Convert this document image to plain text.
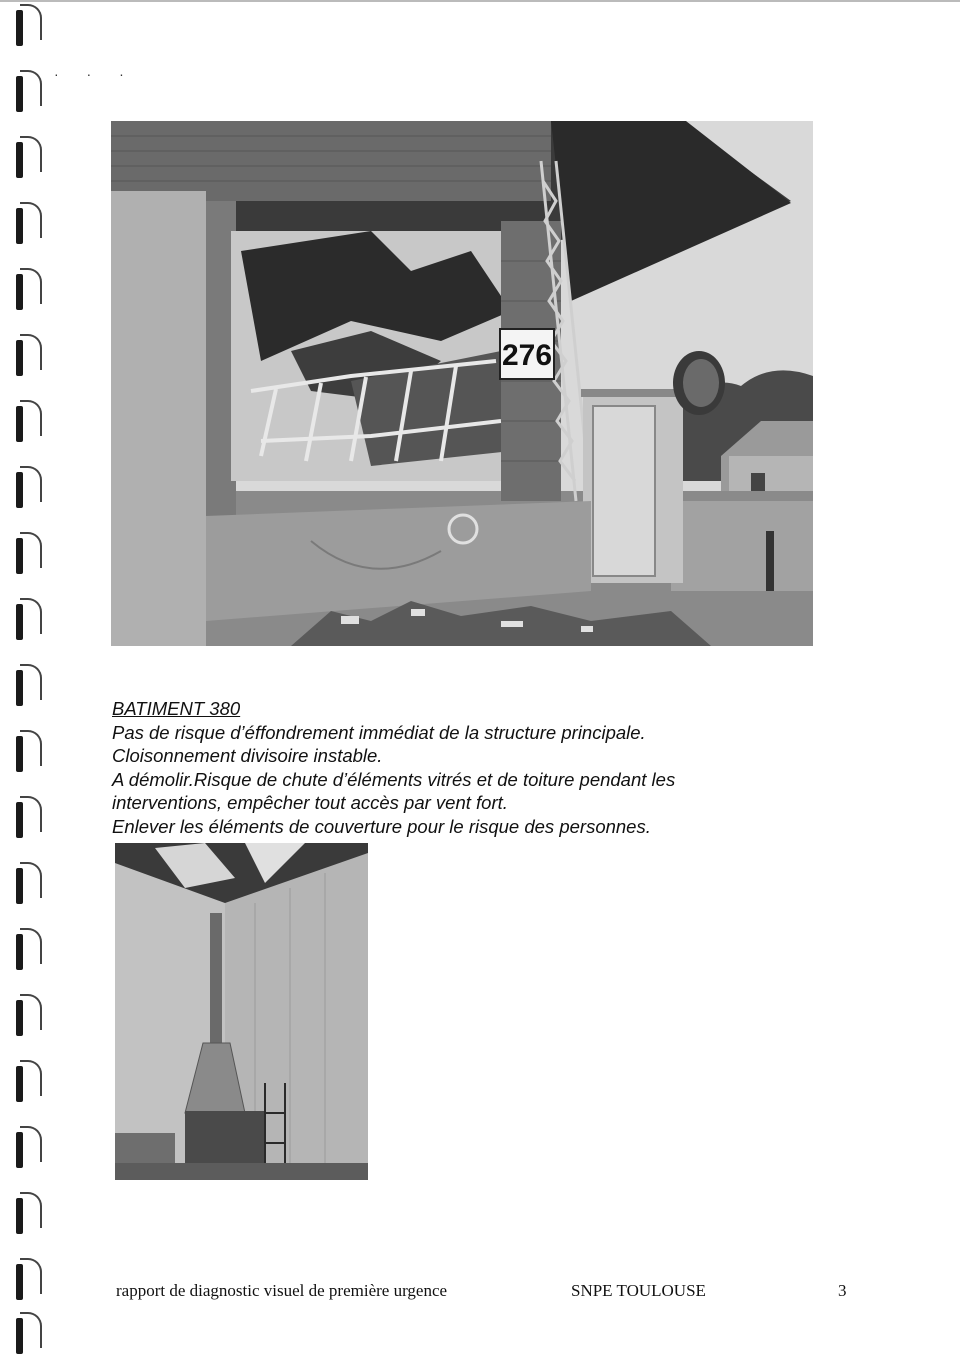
· · ·
276
BATIMENT 380
Pas de risque d’éffondrement immédiat de la structure principale.
Cloisonnement divisoire instable.
A démolir.Risque de chute d’éléments vitrés et de toiture pendant les
interventions, empêcher tout accès par vent fort.
Enlever les éléments de couverture pour le risque des personnes.
rapport de diagnostic visuel de première urgence	SNPE TOULOUSE	3
